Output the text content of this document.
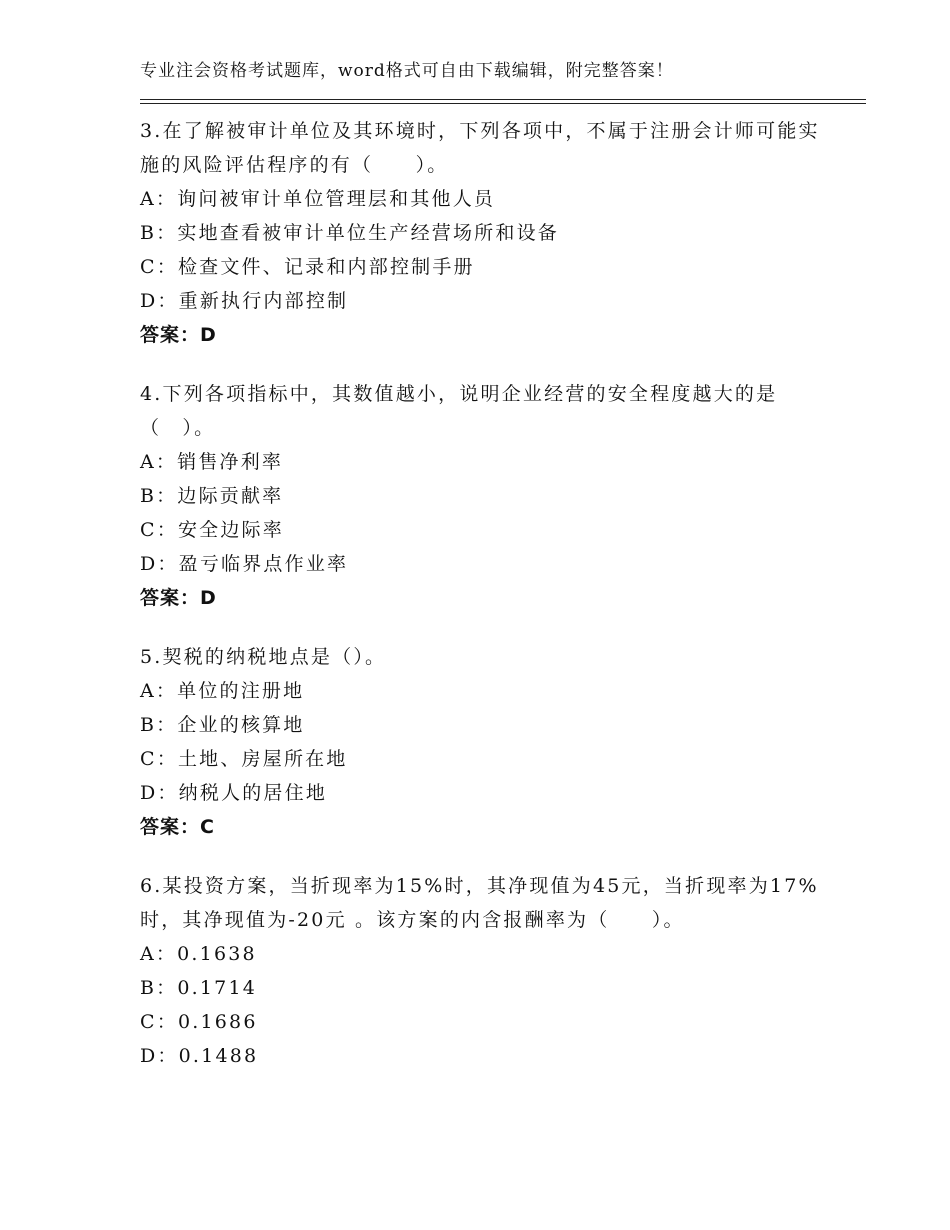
专业注会资格考试题库，word格式可自由下载编辑，附完整答案！

3.在了解被审计单位及其环境时，下列各项中，不属于注册会计师可能实施的风险评估程序的有（　　）。

A：询问被审计单位管理层和其他人员

B：实地查看被审计单位生产经营场所和设备

C：检查文件、记录和内部控制手册

D：重新执行内部控制

答案：D

4.下列各项指标中，其数值越小，说明企业经营的安全程度越大的是（　）。

A：销售净利率

B：边际贡献率

C：安全边际率

D：盈亏临界点作业率

答案：D

5.契税的纳税地点是（）。

A：单位的注册地

B：企业的核算地

C：土地、房屋所在地

D：纳税人的居住地

答案：C

6.某投资方案，当折现率为15%时，其净现值为45元，当折现率为17%时，其净现值为-20元 。该方案的内含报酬率为（　　）。

A：0.1638

B：0.1714

C：0.1686

D：0.1488
